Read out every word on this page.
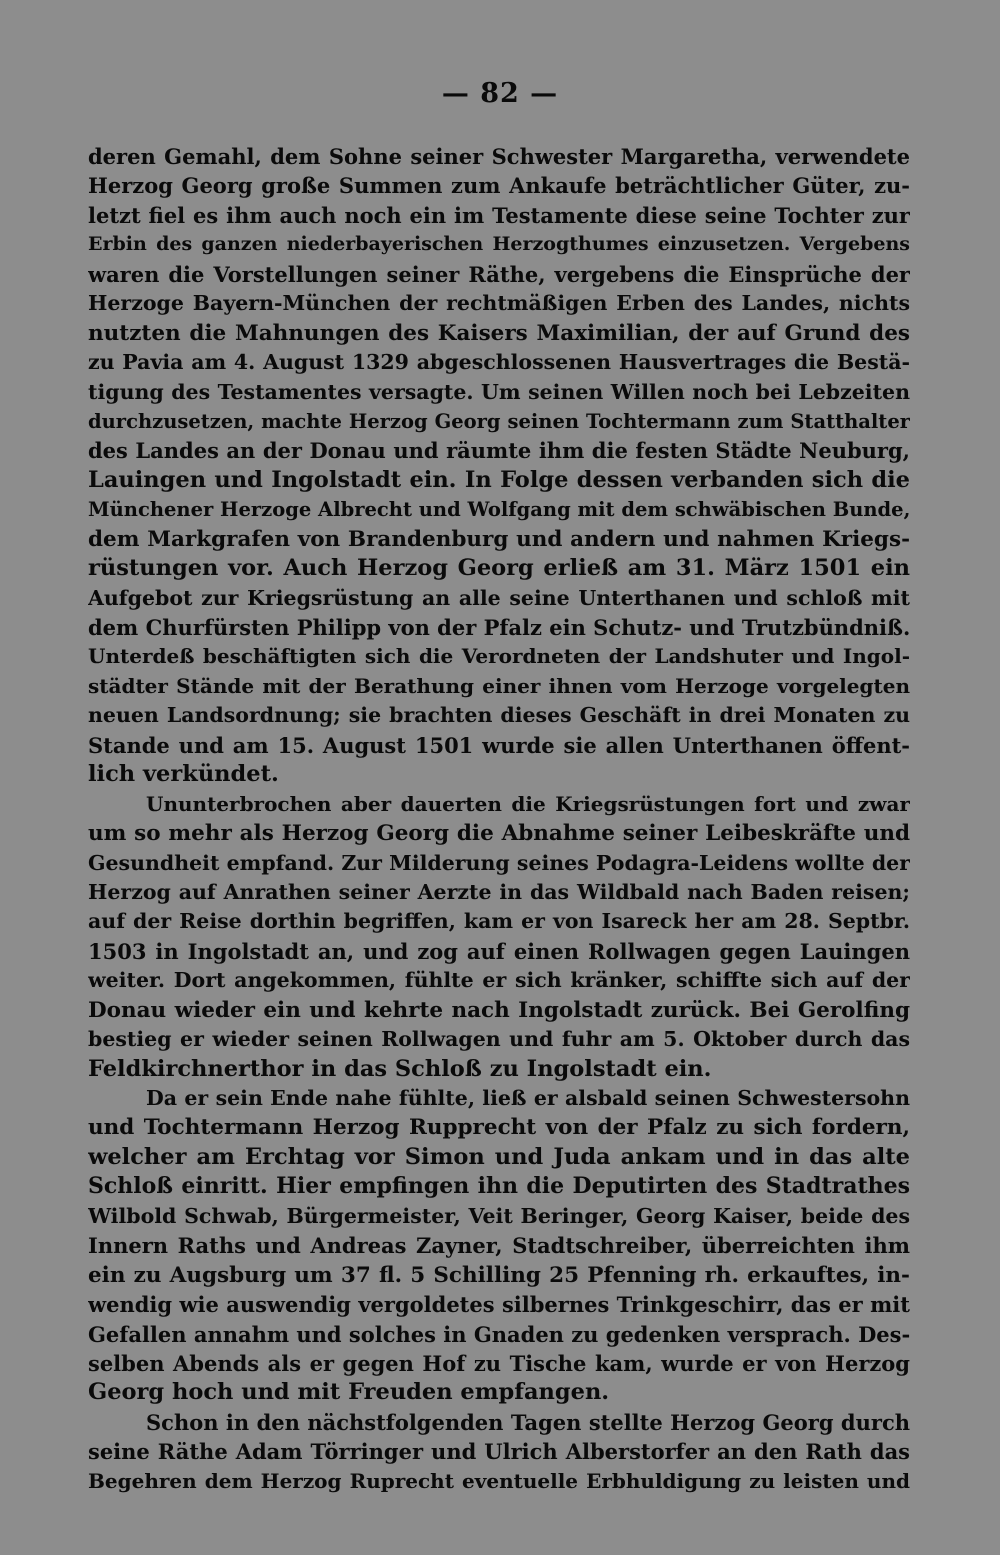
— 82 —
deren Gemahl, dem Sohne seiner Schwester Margaretha, verwendete
Herzog Georg große Summen zum Ankaufe beträchtlicher Güter, zu-
letzt fiel es ihm auch noch ein im Testamente diese seine Tochter zur
Erbin des ganzen niederbayerischen Herzogthumes einzusetzen. Vergebens
waren die Vorstellungen seiner Räthe, vergebens die Einsprüche der
Herzoge Bayern-München der rechtmäßigen Erben des Landes, nichts
nutzten die Mahnungen des Kaisers Maximilian, der auf Grund des
zu Pavia am 4. August 1329 abgeschlossenen Hausvertrages die Bestä-
tigung des Testamentes versagte. Um seinen Willen noch bei Lebzeiten
durchzusetzen, machte Herzog Georg seinen Tochtermann zum Statthalter
des Landes an der Donau und räumte ihm die festen Städte Neuburg,
Lauingen und Ingolstadt ein. In Folge dessen verbanden sich die
Münchener Herzoge Albrecht und Wolfgang mit dem schwäbischen Bunde,
dem Markgrafen von Brandenburg und andern und nahmen Kriegs-
rüstungen vor. Auch Herzog Georg erließ am 31. März 1501 ein
Aufgebot zur Kriegsrüstung an alle seine Unterthanen und schloß mit
dem Churfürsten Philipp von der Pfalz ein Schutz- und Trutzbündniß.
Unterdeß beschäftigten sich die Verordneten der Landshuter und Ingol-
städter Stände mit der Berathung einer ihnen vom Herzoge vorgelegten
neuen Landsordnung; sie brachten dieses Geschäft in drei Monaten zu
Stande und am 15. August 1501 wurde sie allen Unterthanen öffent-
lich verkündet.
Ununterbrochen aber dauerten die Kriegsrüstungen fort und zwar
um so mehr als Herzog Georg die Abnahme seiner Leibeskräfte und
Gesundheit empfand. Zur Milderung seines Podagra-Leidens wollte der
Herzog auf Anrathen seiner Aerzte in das Wildbald nach Baden reisen;
auf der Reise dorthin begriffen, kam er von Isareck her am 28. Septbr.
1503 in Ingolstadt an, und zog auf einen Rollwagen gegen Lauingen
weiter. Dort angekommen, fühlte er sich kränker, schiffte sich auf der
Donau wieder ein und kehrte nach Ingolstadt zurück. Bei Gerolfing
bestieg er wieder seinen Rollwagen und fuhr am 5. Oktober durch das
Feldkirchnerthor in das Schloß zu Ingolstadt ein.
Da er sein Ende nahe fühlte, ließ er alsbald seinen Schwestersohn
und Tochtermann Herzog Rupprecht von der Pfalz zu sich fordern,
welcher am Erchtag vor Simon und Juda ankam und in das alte
Schloß einritt. Hier empfingen ihn die Deputirten des Stadtrathes
Wilbold Schwab, Bürgermeister, Veit Beringer, Georg Kaiser, beide des
Innern Raths und Andreas Zayner, Stadtschreiber, überreichten ihm
ein zu Augsburg um 37 fl. 5 Schilling 25 Pfenning rh. erkauftes, in-
wendig wie auswendig vergoldetes silbernes Trinkgeschirr, das er mit
Gefallen annahm und solches in Gnaden zu gedenken versprach. Des-
selben Abends als er gegen Hof zu Tische kam, wurde er von Herzog
Georg hoch und mit Freuden empfangen.
Schon in den nächstfolgenden Tagen stellte Herzog Georg durch
seine Räthe Adam Törringer und Ulrich Alberstorfer an den Rath das
Begehren dem Herzog Ruprecht eventuelle Erbhuldigung zu leisten und
